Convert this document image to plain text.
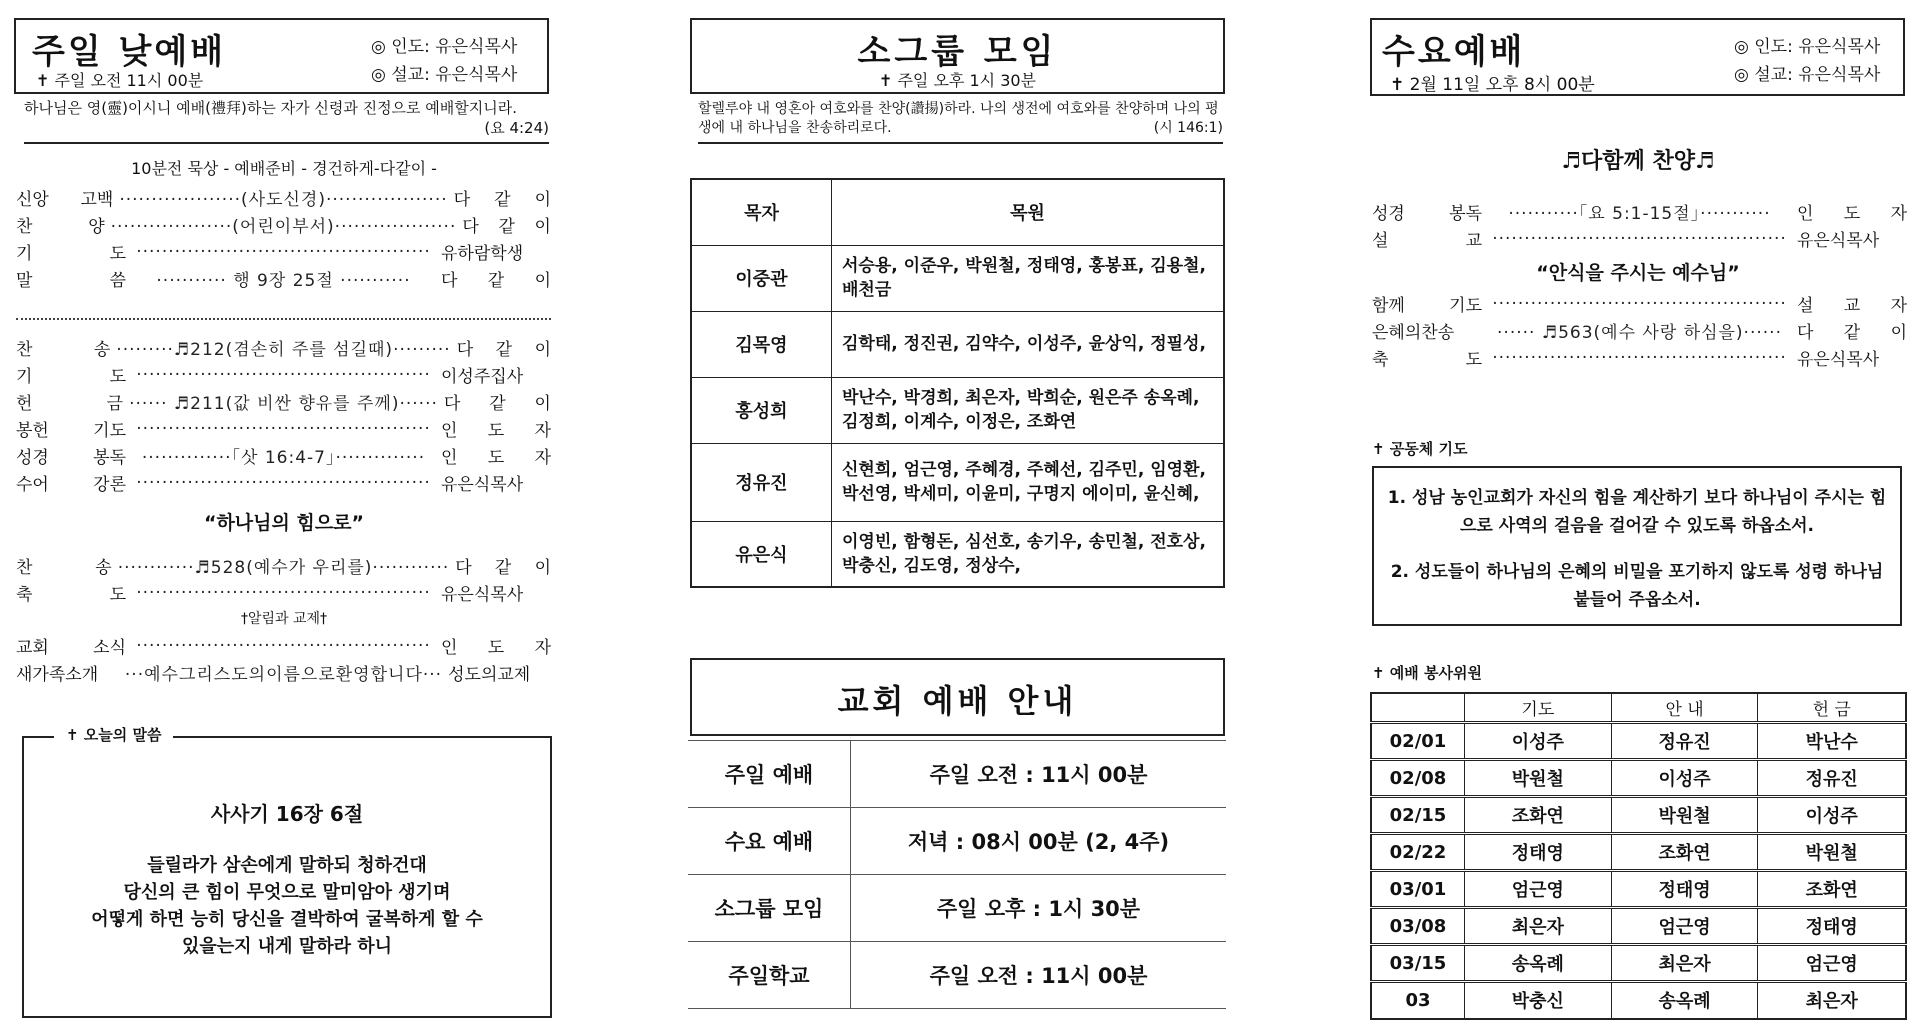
주일 낮예배
✝ 주일 오전 11시 00분
◎ 인도: 유은식목사
◎ 설교: 유은식목사
하나님은 영(靈)이시니 예배(禮拜)하는 자가 신령과 진정으로 예배할지니라.
(요 4:24)
10분전 묵상 - 예배준비 - 경건하게-다같이 -
신앙 고백 ···················(사도신경)··················· 다 같 이
찬 양 ···················(어린이부서)··················· 다 같 이
기 도 ·············································· 유하람학생
말 씀	··········· 행 9장 25절 ···········	다 같 이
찬 송 ·········♬212(겸손히 주를 섬길때)········· 다 같 이
기 도 ·············································· 이성주집사
헌 금 ······ ♬211(값 비싼 향유를 주께)······ 다 같 이
봉헌 기도 ·············································· 인 도 자
성경 봉독 ··············「삿 16:4-7」·············· 인 도 자
수어 강론 ·············································· 유은식목사
“하나님의 힘으로”
찬 송 ············♬528(예수가 우리를)············ 다 같 이
축 도 ·············································· 유은식목사
†알림과 교제†
교회 소식 ·············································· 인 도 자
새가족소개	···예수그리스도의이름으로환영합니다··· 성도의교제
✝ 오늘의 말씀
사사기 16장 6절
들릴라가 삼손에게 말하되 청하건대
당신의 큰 힘이 무엇으로 말미암아 생기며
어떻게 하면 능히 당신을 결박하여 굴복하게 할 수
있을는지 내게 말하라 하니
소그룹 모임
✝ 주일 오후 1시 30분
할렐루야 내 영혼아 여호와를 찬양(讚揚)하라. 나의 생전에 여호와를 찬양하며 나의 평생에 내 하나님을 찬송하리로다.	(시 146:1)
목자	목원
이중관	서승용, 이준우, 박원철, 정태영, 홍봉표, 김용철, 배천금
김목영	김학태, 정진권, 김약수, 이성주, 윤상익, 정필성,
홍성희	박난수, 박경희, 최은자, 박희순, 원은주 송옥례, 김정희, 이계수, 이정은, 조화연
정유진	신현희, 엄근영, 주혜경, 주혜선, 김주민, 임영환, 박선영, 박세미, 이윤미, 구명지 에이미, 윤신혜,
유은식	이영빈, 함형돈, 심선호, 송기우, 송민철, 전호상, 박충신, 김도영, 정상수,
교회 예배 안내
주일 예배	주일 오전 : 11시 00분
수요 예배	저녁 : 08시 00분 (2, 4주)
소그룹 모임	주일 오후 : 1시 30분
주일학교	주일 오전 : 11시 00분
수요예배
✝ 2월 11일 오후 8시 00분
◎ 인도: 유은식목사
◎ 설교: 유은식목사
♬다함께 찬양♬
성경 봉독	···········「요 5:1-15절」···········	인 도 자
설 교 ·············································· 유은식목사
“안식을 주시는 예수님”
함께 기도 ·············································· 설 교 자
은혜의찬송	······ ♬563(예수 사랑 하심을)······ 다 같 이
축 도 ·············································· 유은식목사
✝ 공동체 기도
1. 성남 농인교회가 자신의 힘을 계산하기 보다 하나님이 주시는 힘으로 사역의 걸음을 걸어갈 수 있도록 하옵소서.
2. 성도들이 하나님의 은혜의 비밀을 포기하지 않도록 성령 하나님 붙들어 주옵소서.
✝ 예배 봉사위원
	기도	안 내	헌 금
02/01	이성주	정유진	박난수
02/08	박원철	이성주	정유진
02/15	조화연	박원철	이성주
02/22	정태영	조화연	박원철
03/01	엄근영	정태영	조화연
03/08	최은자	엄근영	정태영
03/15	송옥례	최은자	엄근영
03	박충신	송옥례	최은자
